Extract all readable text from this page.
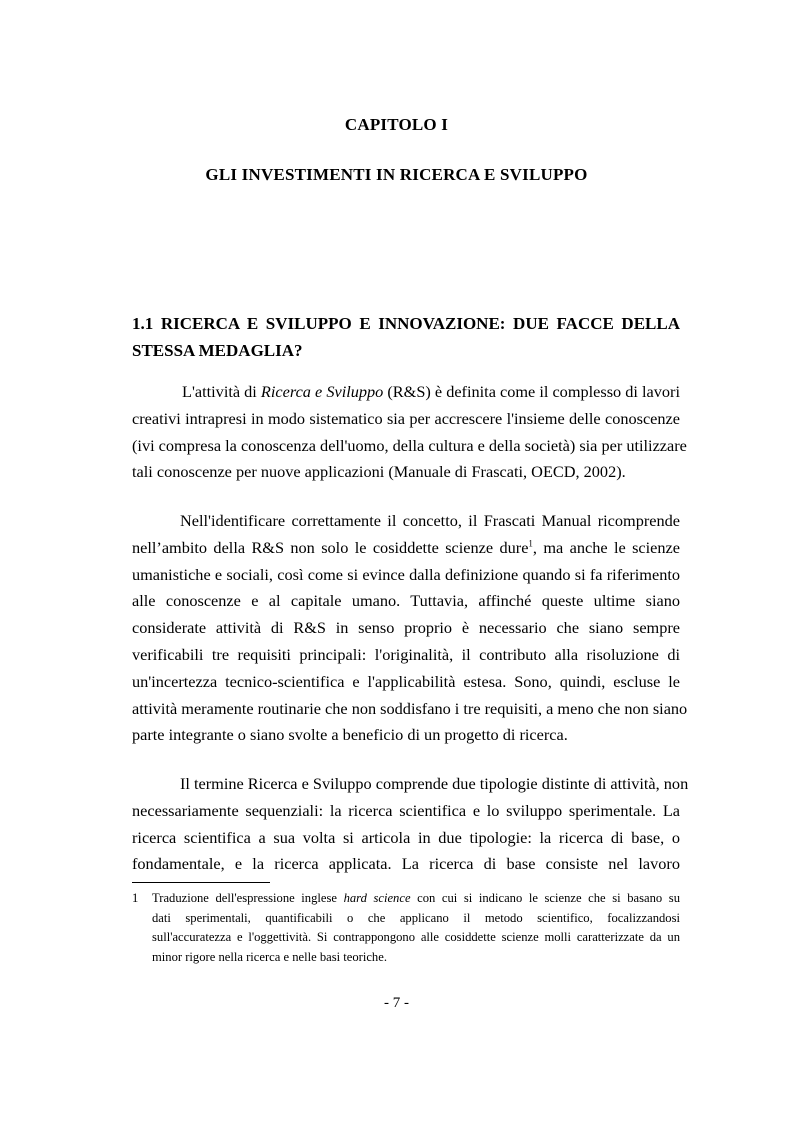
CAPITOLO I
GLI INVESTIMENTI IN RICERCA E SVILUPPO
1.1 RICERCA E SVILUPPO E INNOVAZIONE: DUE FACCE DELLA
STESSA MEDAGLIA?
L'attività di Ricerca e Sviluppo (R&S) è definita come il complesso di lavori
creativi intrapresi in modo sistematico sia per accrescere l'insieme delle conoscenze
(ivi compresa la conoscenza dell'uomo, della cultura e della società) sia per utilizzare
tali conoscenze per nuove applicazioni (Manuale di Frascati, OECD, 2002).
Nell'identificare correttamente il concetto, il Frascati Manual ricomprende
nell’ambito della R&S non solo le cosiddette scienze dure$^1$, ma anche le scienze
umanistiche e sociali, così come si evince dalla definizione quando si fa riferimento
alle conoscenze e al capitale umano. Tuttavia, affinché queste ultime siano
considerate attività di R&S in senso proprio è necessario che siano sempre
verificabili tre requisiti principali: l'originalità, il contributo alla risoluzione di
un'incertezza tecnico-scientifica e l'applicabilità estesa. Sono, quindi, escluse le
attività meramente routinarie che non soddisfano i tre requisiti, a meno che non siano
parte integrante o siano svolte a beneficio di un progetto di ricerca.
Il termine Ricerca e Sviluppo comprende due tipologie distinte di attività, non
necessariamente sequenziali: la ricerca scientifica e lo sviluppo sperimentale. La
ricerca scientifica a sua volta si articola in due tipologie: la ricerca di base, o
fondamentale, e la ricerca applicata. La ricerca di base consiste nel lavoro
1 Traduzione dell'espressione inglese hard science con cui si indicano le scienze che si basano su
dati sperimentali, quantificabili o che applicano il metodo scientifico, focalizzandosi
sull'accuratezza e l'oggettività. Si contrappongono alle cosiddette scienze molli caratterizzate da un
minor rigore nella ricerca e nelle basi teoriche.
- 7 -
